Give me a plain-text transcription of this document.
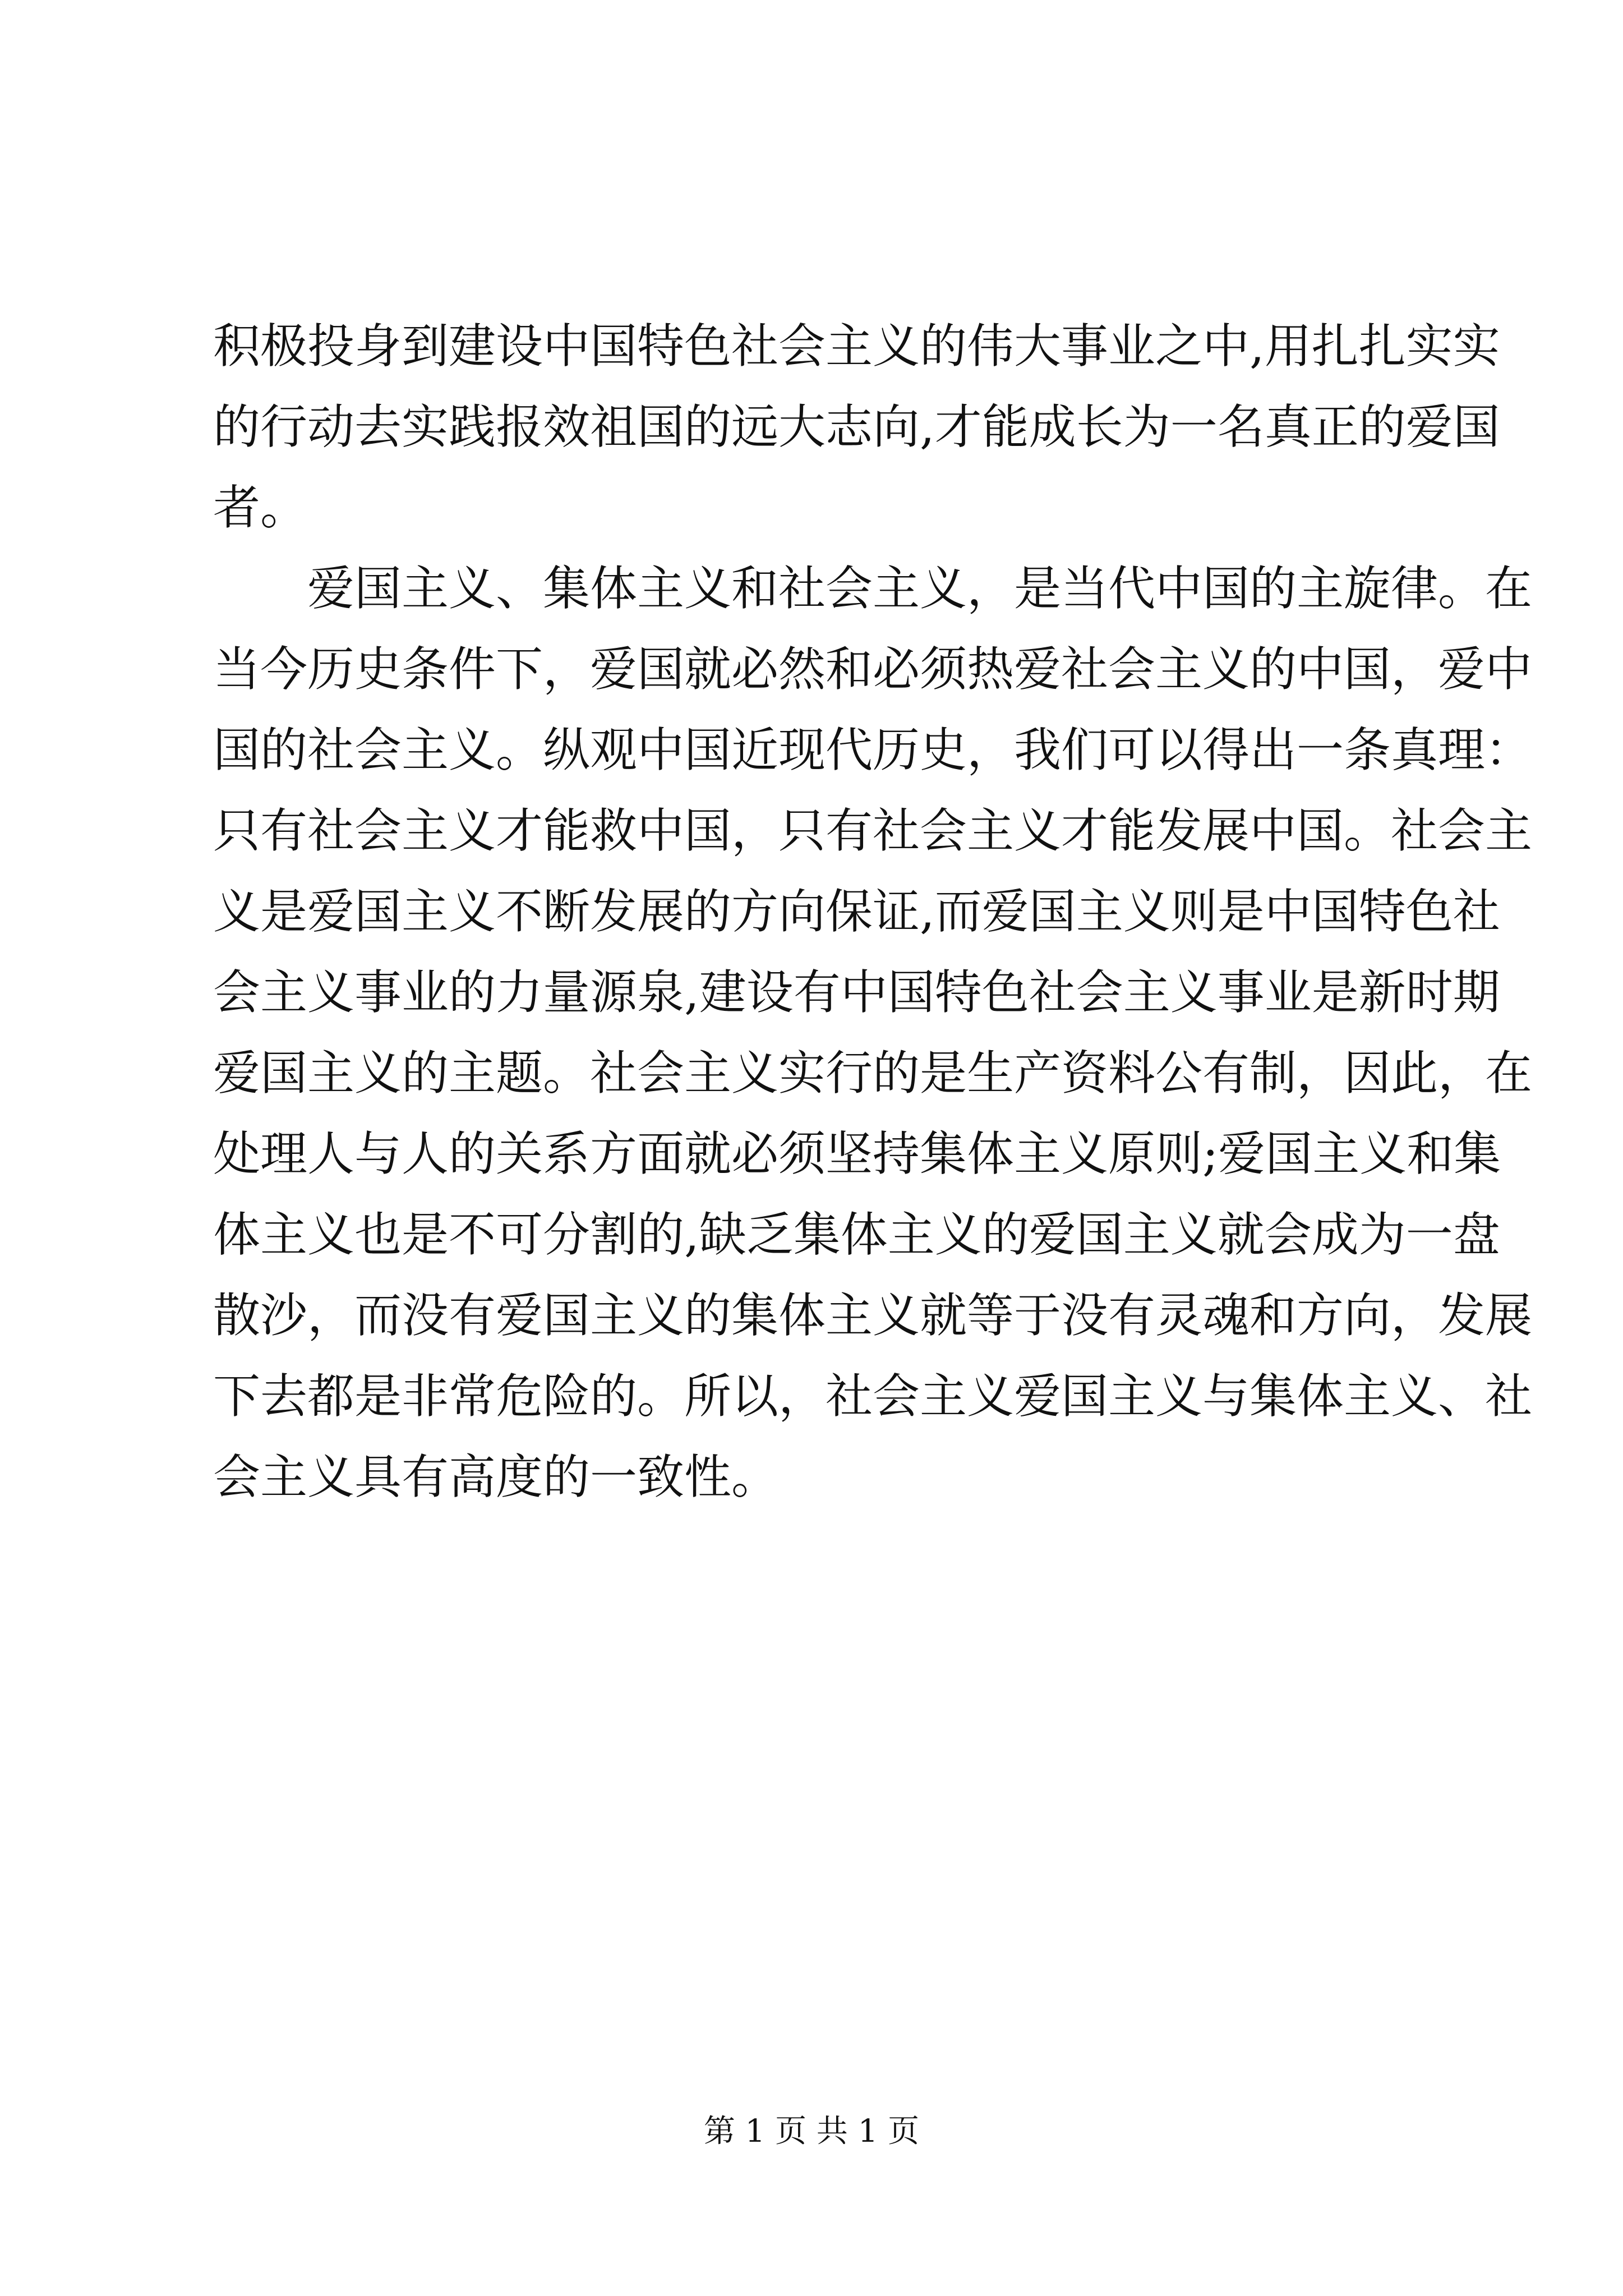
积极投身到建设中国特色社会主义的伟大事业之中,用扎扎实实
的行动去实践报效祖国的远大志向,才能成长为一名真正的爱国
者。
　　爱国主义、集体主义和社会主义，是当代中国的主旋律。在
当今历史条件下，爱国就必然和必须热爱社会主义的中国，爱中
国的社会主义。纵观中国近现代历史，我们可以得出一条真理：
只有社会主义才能救中国，只有社会主义才能发展中国。社会主
义是爱国主义不断发展的方向保证,而爱国主义则是中国特色社
会主义事业的力量源泉,建设有中国特色社会主义事业是新时期
爱国主义的主题。社会主义实行的是生产资料公有制，因此，在
处理人与人的关系方面就必须坚持集体主义原则;爱国主义和集
体主义也是不可分割的,缺乏集体主义的爱国主义就会成为一盘
散沙，而没有爱国主义的集体主义就等于没有灵魂和方向，发展
下去都是非常危险的。所以，社会主义爱国主义与集体主义、社
会主义具有高度的一致性。
第 1 页 共 1 页
